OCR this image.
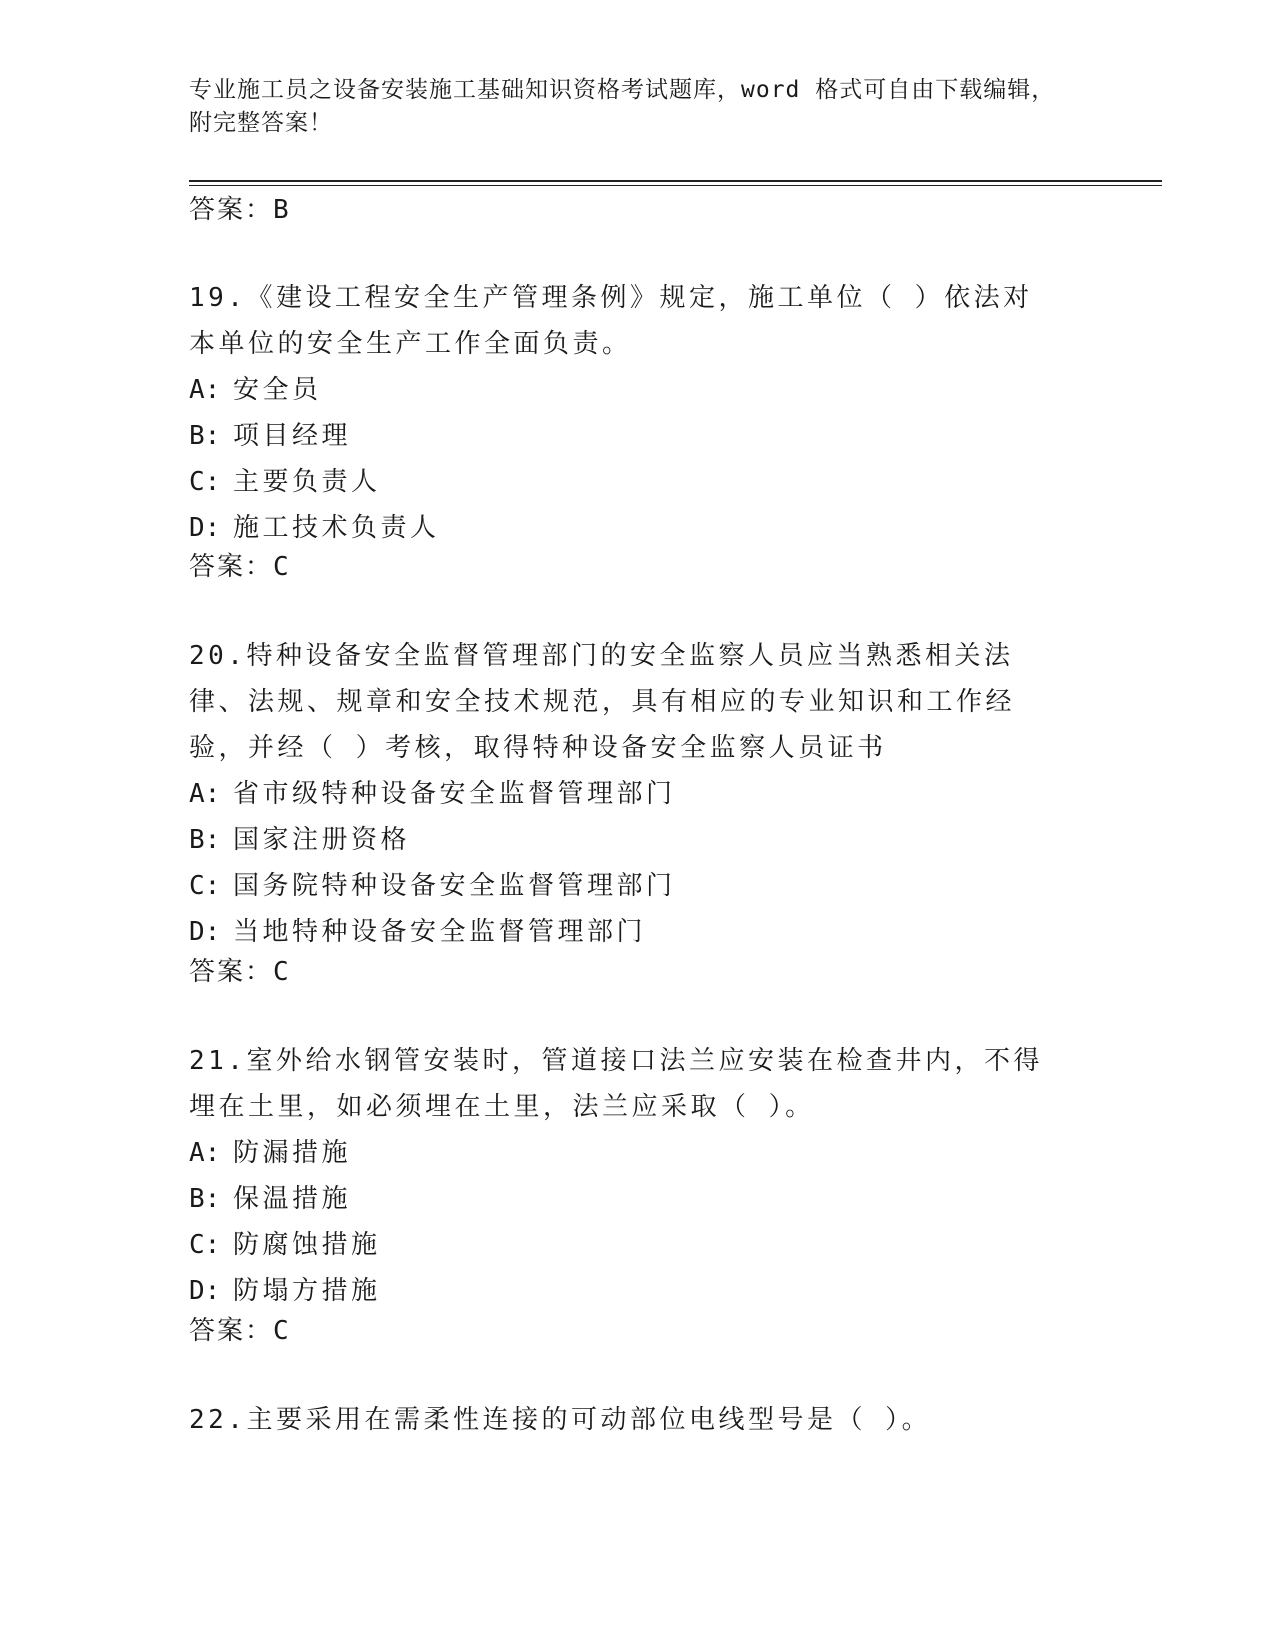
专业施工员之设备安装施工基础知识资格考试题库，word 格式可自由下载编辑，附完整答案！
答案：B
19.《建设工程安全生产管理条例》规定，施工单位（ ）依法对本单位的安全生产工作全面负责。
A: 安全员
B: 项目经理
C: 主要负责人
D: 施工技术负责人
答案：C
20.特种设备安全监督管理部门的安全监察人员应当熟悉相关法律、法规、规章和安全技术规范，具有相应的专业知识和工作经验，并经（ ）考核，取得特种设备安全监察人员证书
A: 省市级特种设备安全监督管理部门
B: 国家注册资格
C: 国务院特种设备安全监督管理部门
D: 当地特种设备安全监督管理部门
答案：C
21.室外给水钢管安装时，管道接口法兰应安装在检查井内，不得埋在土里，如必须埋在土里，法兰应采取（ ）。
A: 防漏措施
B: 保温措施
C: 防腐蚀措施
D: 防塌方措施
答案：C
22.主要采用在需柔性连接的可动部位电线型号是（ ）。
